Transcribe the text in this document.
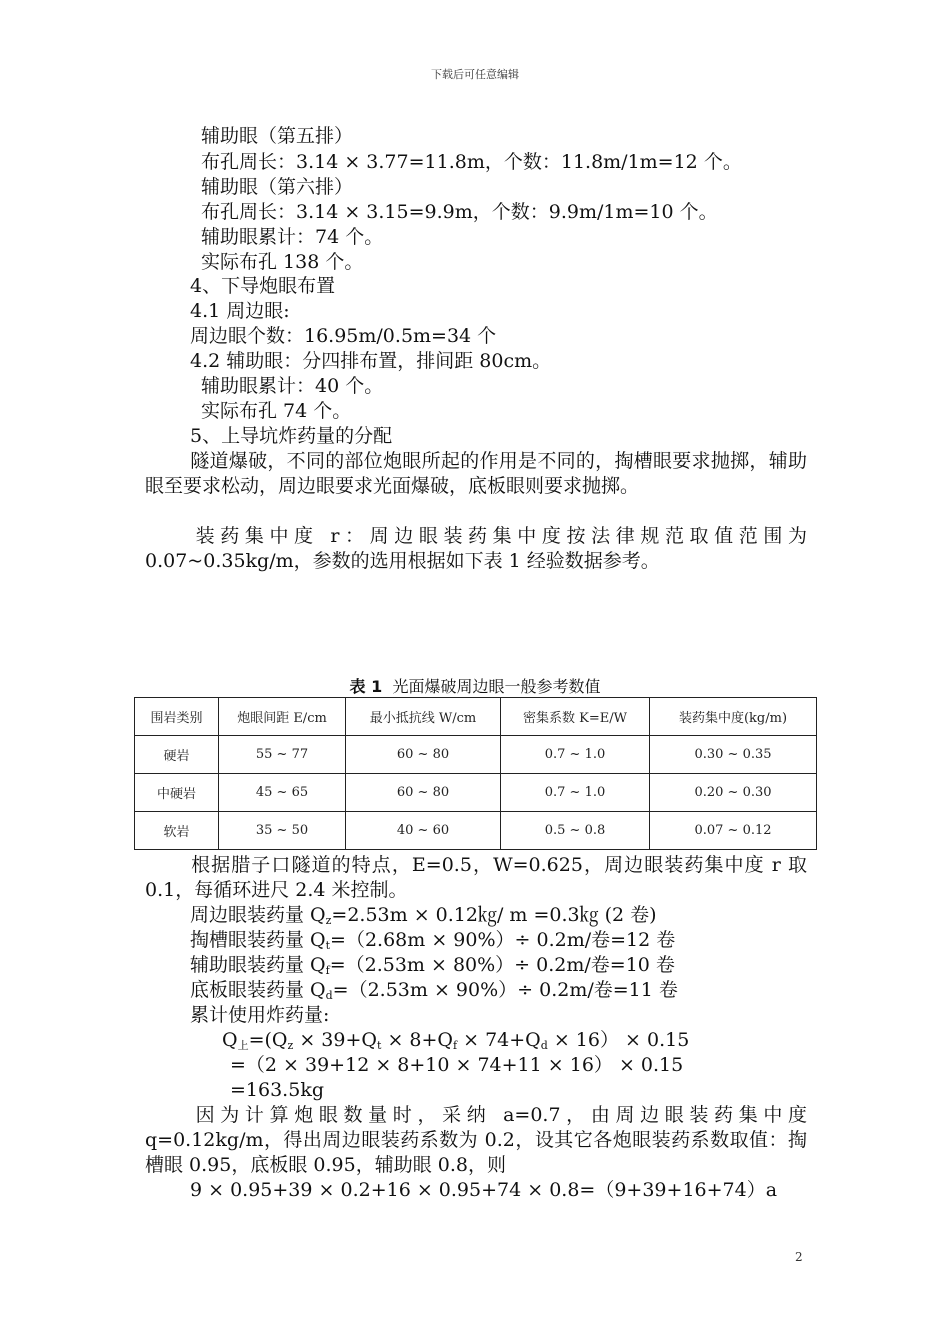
下载后可任意编辑
辅助眼（第五排）
布孔周长：3.14 × 3.77=11.8m，个数：11.8m/1m=12 个。
辅助眼（第六排）
布孔周长：3.14 × 3.15=9.9m，个数：9.9m/1m=10 个。
辅助眼累计：74 个。
实际布孔 138 个。
4、下导炮眼布置
4.1 周边眼:
周边眼个数：16.95m/0.5m=34 个
4.2 辅助眼：分四排布置，排间距 80cm。
辅助眼累计：40 个。
实际布孔 74 个。
5、上导坑炸药量的分配
隧道爆破，不同的部位炮眼所起的作用是不同的，掏槽眼要求抛掷，辅助眼至要求松动，周边眼要求光面爆破，底板眼则要求抛掷。
装药集中度 r：周边眼装药集中度按法律规范取值范围为 0.07~0.35kg/m，参数的选用根据如下表 1 经验数据参考。
表 1 光面爆破周边眼一般参考数值
围岩类别	炮眼间距 E/cm	最小抵抗线 W/cm	密集系数 K=E/W	装药集中度(kg/m)
硬岩	55 ~ 77	60 ~ 80	0.7 ~ 1.0	0.30 ~ 0.35
中硬岩	45 ~ 65	60 ~ 80	0.7 ~ 1.0	0.20 ~ 0.30
软岩	35 ~ 50	40 ~ 60	0.5 ~ 0.8	0.07 ~ 0.12
根据腊子口隧道的特点，E=0.5，W=0.625，周边眼装药集中度 r 取 0.1，每循环进尺 2.4 米控制。
周边眼装药量 $Q_z=2.53m$ × 0.12㎏/ m =0.3㎏ (2 卷)
掏槽眼装药量 $Q_t=(2.68m \times 90\%)\div 0.2m/$卷=12 卷
辅助眼装药量 $Q_f=(2.53m \times 80\%)\div 0.2m/$卷=10 卷
底板眼装药量 $Q_d=(2.53m \times 90\%)\div 0.2m/$卷=11 卷
累计使用炸药量:
$Q_上=(Q_z \times 39+Q_t \times 8+Q_f \times 74+Q_d \times 16) \times 0.15$
=（2 × 39+12 × 8+10 × 74+11 × 16） × 0.15
=163.5kg
因为计算炮眼数量时，采纳 a=0.7，由周边眼装药集中度 q=0.12kg/m，得出周边眼装药系数为 0.2，设其它各炮眼装药系数取值：掏槽眼 0.95，底板眼 0.95，辅助眼 0.8，则
9 × 0.95+39 × 0.2+16 × 0.95+74 × 0.8=（9+39+16+74）a
2
